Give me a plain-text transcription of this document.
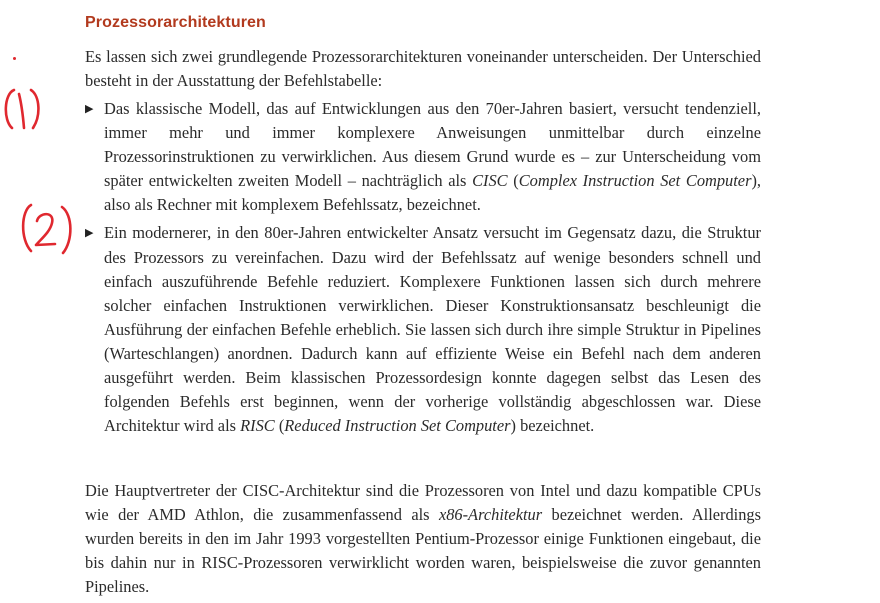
Prozessorarchitekturen

Es lassen sich zwei grundlegende Prozessorarchitekturen voneinander unterscheiden. Der Unterschied besteht in der Ausstattung der Befehlstabelle:

▶ Das klassische Modell, das auf Entwicklungen aus den 70er-Jahren basiert, versucht tendenziell, immer mehr und immer komplexere Anweisungen unmittelbar durch einzelne Prozessorinstruktionen zu verwirklichen. Aus diesem Grund wurde es – zur Unterscheidung vom später entwickelten zweiten Modell – nachträglich als CISC (Complex Instruction Set Computer), also als Rechner mit komplexem Befehlssatz, bezeichnet.
▶ Ein modernerer, in den 80er-Jahren entwickelter Ansatz versucht im Gegensatz dazu, die Struktur des Prozessors zu vereinfachen. Dazu wird der Befehlssatz auf wenige besonders schnell und einfach auszuführende Befehle reduziert. Komplexere Funktionen lassen sich durch mehrere solcher einfachen Instruktionen verwirklichen. Dieser Konstruktionsansatz beschleunigt die Ausführung der einfachen Befehle erheblich. Sie lassen sich durch ihre simple Struktur in Pipelines (Warteschlangen) anordnen. Dadurch kann auf effiziente Weise ein Befehl nach dem anderen ausgeführt werden. Beim klassischen Prozessordesign konnte dagegen selbst das Lesen des folgenden Befehls erst beginnen, wenn der vorherige vollständig abgeschlossen war. Diese Architektur wird als RISC (Reduced Instruction Set Computer) bezeichnet.

Die Hauptvertreter der CISC-Architektur sind die Prozessoren von Intel und dazu kompatible CPUs wie der AMD Athlon, die zusammenfassend als x86-Architektur bezeichnet werden. Allerdings wurden bereits in den im Jahr 1993 vorgestellten Pentium-Prozessor einige Funktionen eingebaut, die bis dahin nur in RISC-Prozessoren verwirklicht worden waren, beispielsweise die zuvor genannten Pipelines.
